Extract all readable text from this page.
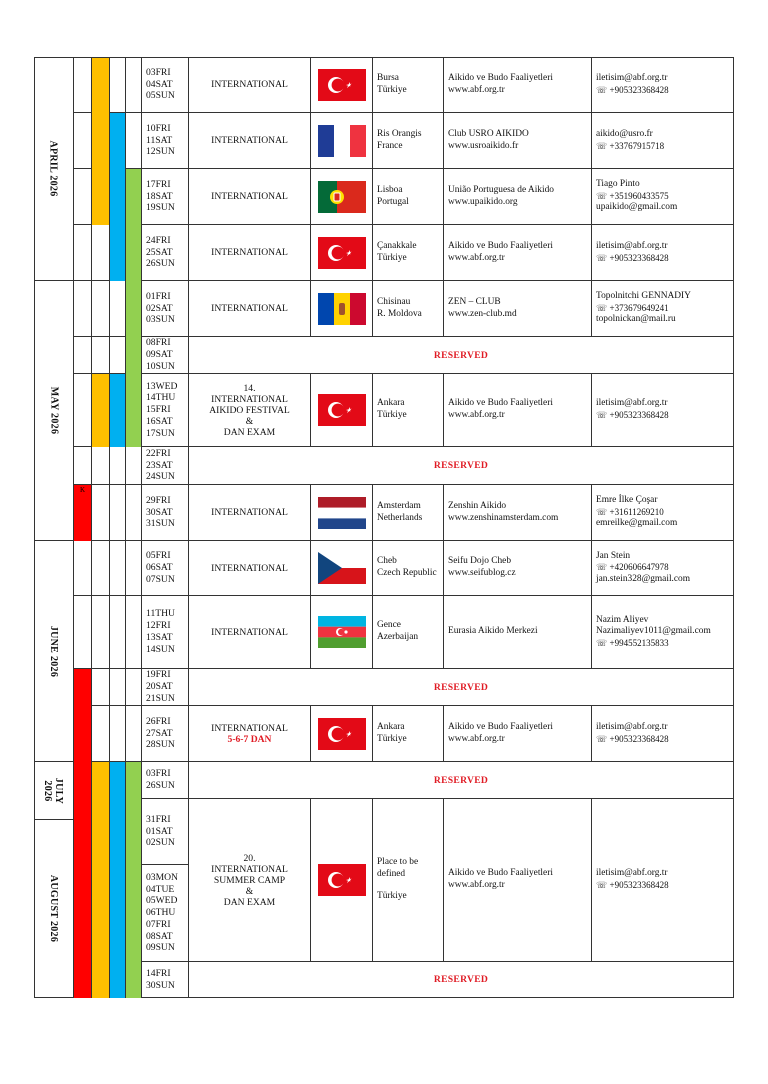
APRIL 2026
MAY 2026
JUNE 2026
JULY
2026
AUGUST 2026
03FRI
04SAT
05SUN
INTERNATIONAL
Bursa
Türkiye
Aikido ve Budo Faaliyetleri
www.abf.org.tr
iletisim@abf.org.tr
☏ +905323368428
10FRI
11SAT
12SUN
INTERNATIONAL
Ris Orangis
France
Club USRO AIKIDO
www.usroaikido.fr
aikido@usro.fr
☏ +33767915718
17FRI
18SAT
19SUN
INTERNATIONAL
Lisboa
Portugal
União Portuguesa de Aikido
www.upaikido.org
Tiago Pinto
☏ +351960433575
upaikido@gmail.com
24FRI
25SAT
26SUN
INTERNATIONAL
Çanakkale
Türkiye
Aikido ve Budo Faaliyetleri
www.abf.org.tr
iletisim@abf.org.tr
☏ +905323368428
01FRI
02SAT
03SUN
INTERNATIONAL
Chisinau
R. Moldova
ZEN – CLUB
www.zen-club.md
Topolnitchi GENNADIY
☏ +373679649241
topolnickan@mail.ru
08FRI
09SAT
10SUN
RESERVED
13WED
14THU
15FRI
16SAT
17SUN
14.
INTERNATIONAL
AIKIDO FESTIVAL
&
DAN EXAM
Ankara
Türkiye
Aikido ve Budo Faaliyetleri
www.abf.org.tr
iletisim@abf.org.tr
☏ +905323368428
22FRI
23SAT
24SUN
RESERVED
29FRI
30SAT
31SUN
INTERNATIONAL
Amsterdam
Netherlands
Zenshin Aikido
www.zenshinamsterdam.com
Emre İlke Çoşar
☏ +31611269210
emreilke@gmail.com
K
05FRI
06SAT
07SUN
INTERNATIONAL
Cheb
Czech Republic
Seifu Dojo Cheb
www.seifublog.cz
Jan Stein
☏ +420606647978
jan.stein328@gmail.com
11THU
12FRI
13SAT
14SUN
INTERNATIONAL
Gence
Azerbaijan
Eurasia Aikido Merkezi
Nazim Aliyev
Nazimaliyev1011@gmail.com
☏ +994552135833
19FRI
20SAT
21SUN
RESERVED
26FRI
27SAT
28SUN
INTERNATIONAL
5-6-7 DAN
Ankara
Türkiye
Aikido ve Budo Faaliyetleri
www.abf.org.tr
iletisim@abf.org.tr
☏ +905323368428
03FRI
26SUN	RESERVED
31FRI
01SAT
02SUN
03MON
04TUE
05WED
06THU
07FRI
08SAT
09SUN
20.
INTERNATIONAL
SUMMER CAMP
&
DAN EXAM
Place to be
defined
Türkiye
Aikido ve Budo Faaliyetleri
www.abf.org.tr
iletisim@abf.org.tr
☏ +905323368428
14FRI
30SUN	RESERVED
